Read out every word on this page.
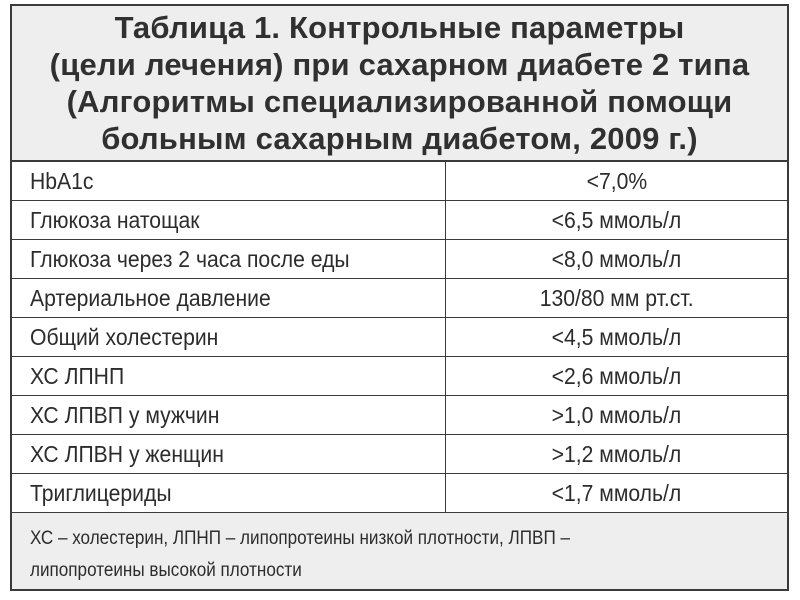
Таблица 1. Контрольные параметры
(цели лечения) при сахарном диабете 2 типа
(Алгоритмы специализированной помощи
больным сахарным диабетом, 2009 г.)
HbA1c	<7,0%
Глюкоза натощак	<6,5 ммоль/л
Глюкоза через 2 часа после еды	<8,0 ммоль/л
Артериальное давление	130/80 мм рт.ст.
Общий холестерин	<4,5 ммоль/л
ХС ЛПНП	<2,6 ммоль/л
ХС ЛПВП у мужчин	>1,0 ммоль/л
ХС ЛПВН у женщин	>1,2 ммоль/л
Триглицериды	<1,7 ммоль/л
ХС – холестерин, ЛПНП – липопротеины низкой плотности, ЛПВП –
липопротеины высокой плотности
